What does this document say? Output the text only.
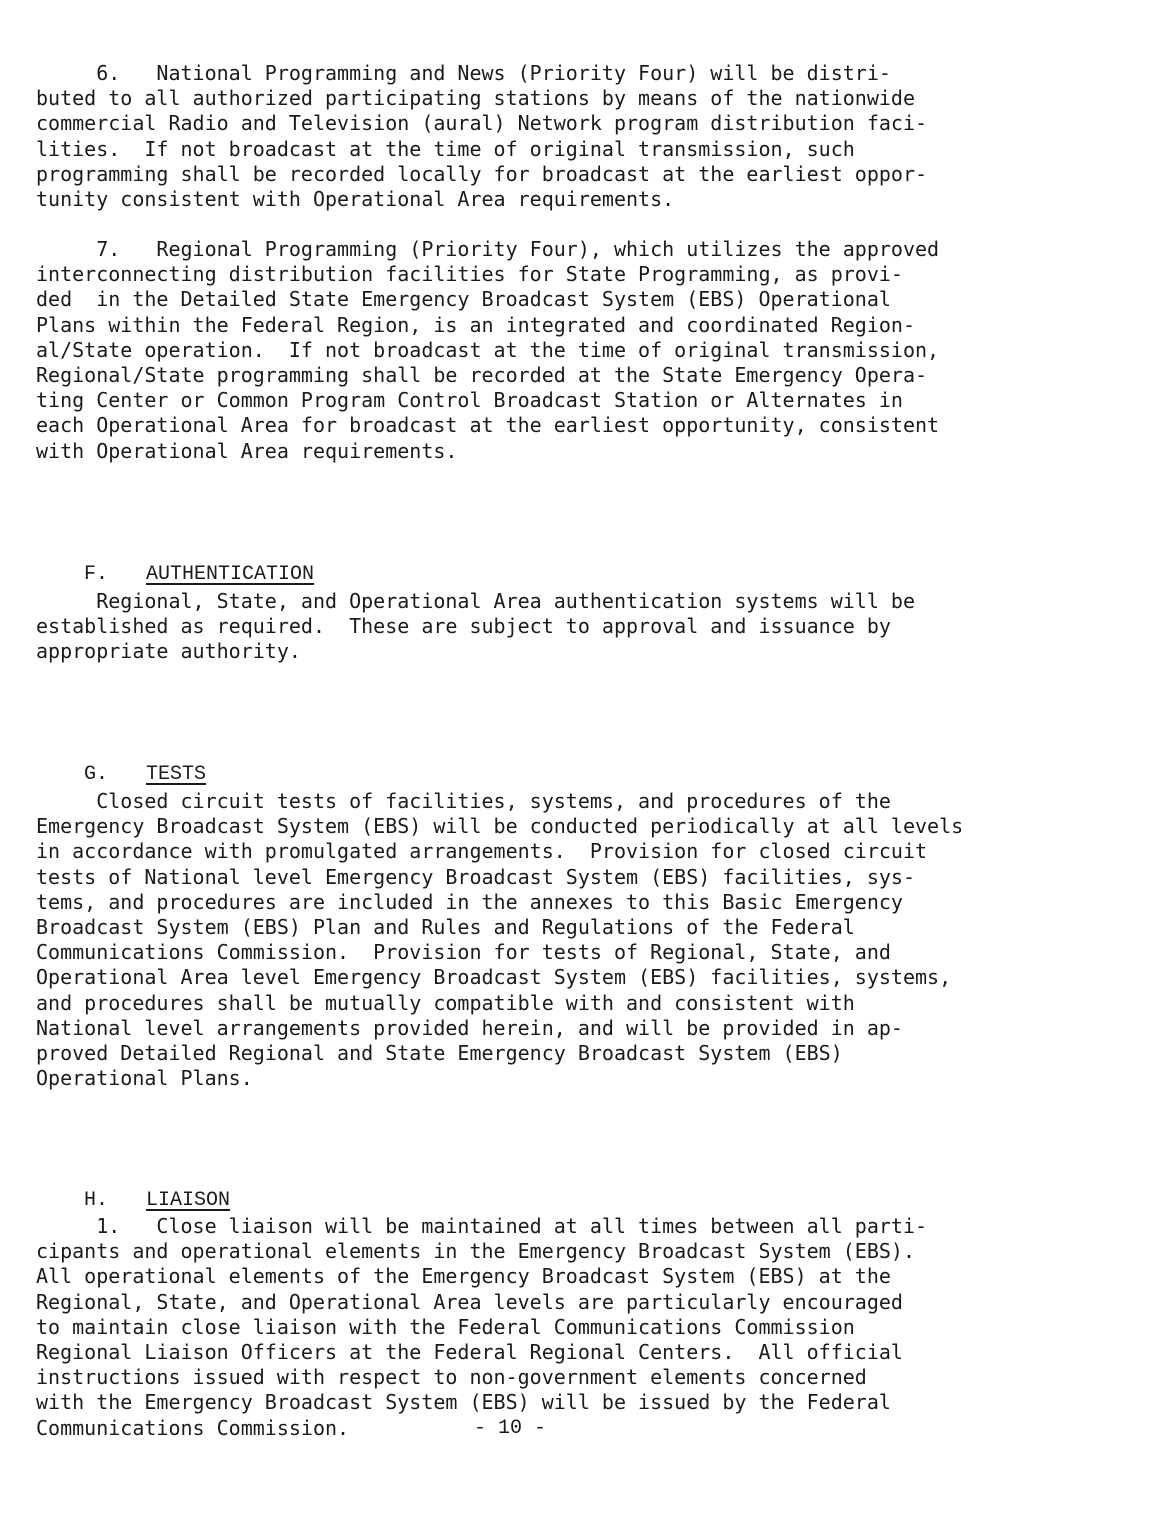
6.   National Programming and News (Priority Four) will be distri-
buted to all authorized participating stations by means of the nationwide
commercial Radio and Television (aural) Network program distribution faci-
lities.  If not broadcast at the time of original transmission, such
programming shall be recorded locally for broadcast at the earliest oppor-
tunity consistent with Operational Area requirements.
7.   Regional Programming (Priority Four), which utilizes the approved
interconnecting distribution facilities for State Programming, as provi-
ded  in the Detailed State Emergency Broadcast System (EBS) Operational
Plans within the Federal Region, is an integrated and coordinated Region-
al/State operation.  If not broadcast at the time of original transmission,
Regional/State programming shall be recorded at the State Emergency Opera-
ting Center or Common Program Control Broadcast Station or Alternates in
each Operational Area for broadcast at the earliest opportunity, consistent
with Operational Area requirements.

F. AUTHENTICATION

Regional, State, and Operational Area authentication systems will be
established as required.  These are subject to approval and issuance by
appropriate authority.

G. TESTS

Closed circuit tests of facilities, systems, and procedures of the
Emergency Broadcast System (EBS) will be conducted periodically at all levels
in accordance with promulgated arrangements.  Provision for closed circuit
tests of National level Emergency Broadcast System (EBS) facilities, sys-
tems, and procedures are included in the annexes to this Basic Emergency
Broadcast System (EBS) Plan and Rules and Regulations of the Federal
Communications Commission.  Provision for tests of Regional, State, and
Operational Area level Emergency Broadcast System (EBS) facilities, systems,
and procedures shall be mutually compatible with and consistent with
National level arrangements provided herein, and will be provided in ap-
proved Detailed Regional and State Emergency Broadcast System (EBS)
Operational Plans.

H. LIAISON

1.   Close liaison will be maintained at all times between all parti-
cipants and operational elements in the Emergency Broadcast System (EBS).
All operational elements of the Emergency Broadcast System (EBS) at the
Regional, State, and Operational Area levels are particularly encouraged
to maintain close liaison with the Federal Communications Commission
Regional Liaison Officers at the Federal Regional Centers.  All official
instructions issued with respect to non-government elements concerned
with the Emergency Broadcast System (EBS) will be issued by the Federal
Communications Commission.	- 10 -
